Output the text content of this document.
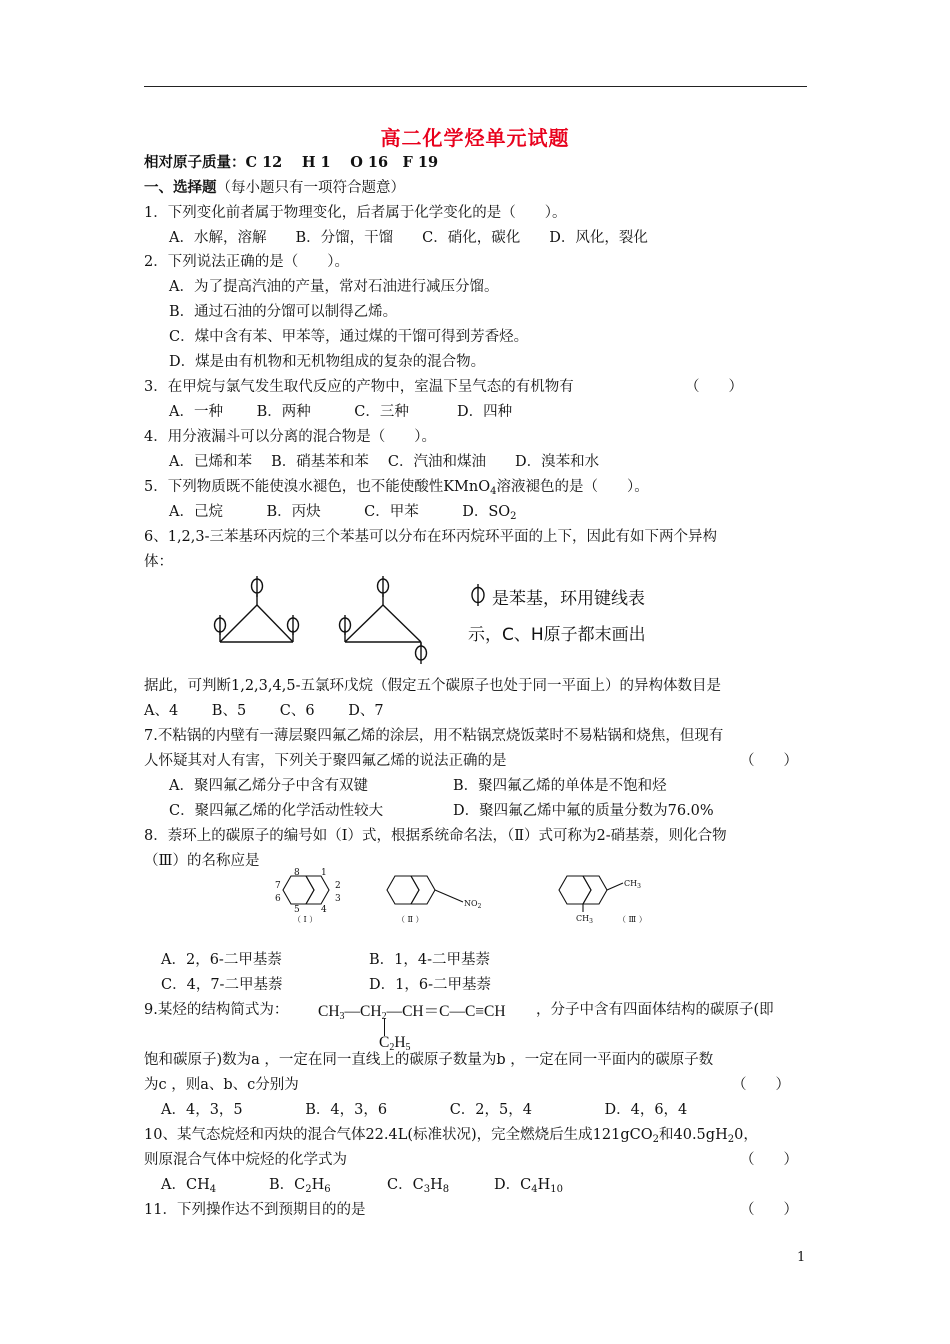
高二化学烃单元试题
相对原子质量：C 12　 H 1　 O 16　F 19
一、选择题（每小题只有一项符合题意）
1．下列变化前者属于物理变化，后者属于化学变化的是（　　）。
A．水解，溶解　　B．分馏，干馏　　C．硝化，碳化　　D．风化，裂化
2．下列说法正确的是（　　）。
A．为了提高汽油的产量，常对石油进行减压分馏。
B．通过石油的分馏可以制得乙烯。
C．煤中含有苯、甲苯等，通过煤的干馏可得到芳香烃。
D．煤是由有机物和无机物组成的复杂的混合物。
3．在甲烷与氯气发生取代反应的产物中，室温下呈气态的有机物有	（　　）
A．一种　　 B．两种　　　C．三种　　　 D．四种
4．用分液漏斗可以分离的混合物是（　　）。
A．已烯和苯　 B．硝基苯和苯　 C．汽油和煤油　　D．溴苯和水
5．下列物质既不能使溴水褪色，也不能使酸性KMnO$_4$溶液褪色的是（　　）。
A．己烷　　　B．丙炔　　　C．甲苯　　　D．$SO_2$
6、1,2,3-三苯基环丙烷的三个苯基可以分布在环丙烷环平面的上下，因此有如下两个异构
体：
是苯基，环用键线表
示，C、H原子都末画出
据此，可判断1,2,3,4,5-五氯环戊烷（假定五个碳原子也处于同一平面上）的异构体数目是
A、4　　 B、5　　 C、6　　 D、7
7.不粘锅的内壁有一薄层聚四氟乙烯的涂层，用不粘锅烹烧饭菜时不易粘锅和烧焦，但现有
人怀疑其对人有害，下列关于聚四氟乙烯的说法正确的是	（　　）
A．聚四氟乙烯分子中含有双键	B．聚四氟乙烯的单体是不饱和烃
C．聚四氟乙烯的化学活动性较大	D．聚四氟乙烯中氟的质量分数为76.0%
8．萘环上的碳原子的编号如（Ⅰ）式，根据系统命名法，（Ⅱ）式可称为2-硝基萘，则化合物
（Ⅲ）的名称应是
8 1
7	2
6	3
5 4
（ Ⅰ ）	（ Ⅱ ）	（ Ⅲ ）
$NO_2$
$CH_3$
$CH_3$
A．2，6-二甲基萘	B．1，4-二甲基萘
C．4，7-二甲基萘	D．1，6-二甲基萘
9.某烃的结构简式为： $CH_3—CH_2—CH=C—C\equiv CH$ ，分子中含有四面体结构的碳原子(即
$C_2H_5$
饱和碳原子)数为a ，一定在同一直线上的碳原子数量为b ，一定在同一平面内的碳原子数
为c ，则a、b、c分别为	（　　）
A．4，3，5　　　　 B．4，3，6　　　　 C．2，5，4　　　　　D．4，6，4
10、某气态烷烃和丙炔的混合气体22.4L(标准状况)，完全燃烧后生成121gCO$_2$和$40.5gH_20$，
则原混合气体中烷烃的化学式为	（　　）
A．$CH_4$	B．$C_2H_6$	C．$C_3H_8$	D．$C_4H_{10}$
11．下列操作达不到预期目的的是	（　　）
1
